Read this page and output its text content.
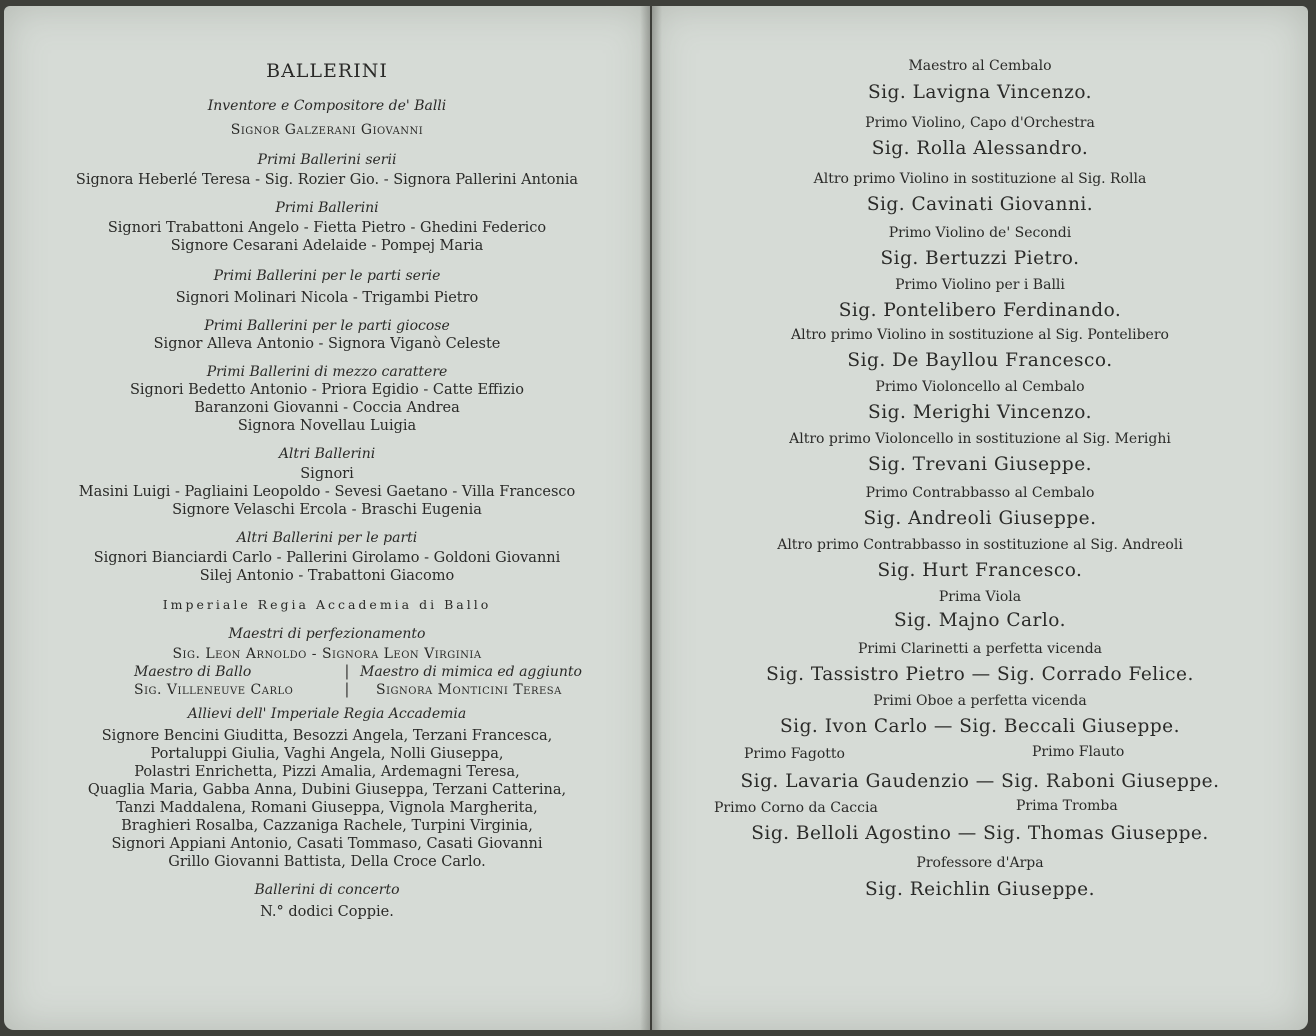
BALLERINI
Inventore e Compositore de' Balli
Signor Galzerani Giovanni
Primi Ballerini serii
Signora Heberlé Teresa - Sig. Rozier Gio. - Signora Pallerini Antonia
Primi Ballerini
Signori Trabattoni Angelo - Fietta Pietro - Ghedini Federico
Signore Cesarani Adelaide - Pompej Maria
Primi Ballerini per le parti serie
Signori Molinari Nicola - Trigambi Pietro
Primi Ballerini per le parti giocose
Signor Alleva Antonio - Signora Viganò Celeste
Primi Ballerini di mezzo carattere
Signori Bedetto Antonio - Priora Egidio - Catte Effizio
Baranzoni Giovanni - Coccia Andrea
Signora Novellau Luigia
Altri Ballerini
Signori
Masini Luigi - Pagliaini Leopoldo - Sevesi Gaetano - Villa Francesco
Signore Velaschi Ercola - Braschi Eugenia
Altri Ballerini per le parti
Signori Bianciardi Carlo - Pallerini Girolamo - Goldoni Giovanni
Silej Antonio - Trabattoni Giacomo
Imperiale Regia Accademia di Ballo
Maestri di perfezionamento
Sig. Leon Arnoldo - Signora Leon Virginia
Maestro di Ballo	Maestro di mimica ed aggiunto
Sig. Villeneuve Carlo	Signora Monticini Teresa
|
|
Allievi dell' Imperiale Regia Accademia
Signore Bencini Giuditta, Besozzi Angela, Terzani Francesca,
Portaluppi Giulia, Vaghi Angela, Nolli Giuseppa,
Polastri Enrichetta, Pizzi Amalia, Ardemagni Teresa,
Quaglia Maria, Gabba Anna, Dubini Giuseppa, Terzani Catterina,
Tanzi Maddalena, Romani Giuseppa, Vignola Margherita,
Braghieri Rosalba, Cazzaniga Rachele, Turpini Virginia,
Signori Appiani Antonio, Casati Tommaso, Casati Giovanni
Grillo Giovanni Battista, Della Croce Carlo.
Ballerini di concerto
N.° dodici Coppie.
Maestro al Cembalo
Sig. Lavigna Vincenzo.
Primo Violino, Capo d'Orchestra
Sig. Rolla Alessandro.
Altro primo Violino in sostituzione al Sig. Rolla
Sig. Cavinati Giovanni.
Primo Violino de' Secondi
Sig. Bertuzzi Pietro.
Primo Violino per i Balli
Sig. Pontelibero Ferdinando.
Altro primo Violino in sostituzione al Sig. Pontelibero
Sig. De Bayllou Francesco.
Primo Violoncello al Cembalo
Sig. Merighi Vincenzo.
Altro primo Violoncello in sostituzione al Sig. Merighi
Sig. Trevani Giuseppe.
Primo Contrabbasso al Cembalo
Sig. Andreoli Giuseppe.
Altro primo Contrabbasso in sostituzione al Sig. Andreoli
Sig. Hurt Francesco.
Prima Viola
Sig. Majno Carlo.
Primi Clarinetti a perfetta vicenda
Sig. Tassistro Pietro — Sig. Corrado Felice.
Primi Oboe a perfetta vicenda
Sig. Ivon Carlo — Sig. Beccali Giuseppe.
Primo Fagotto	Primo Flauto
Sig. Lavaria Gaudenzio — Sig. Raboni Giuseppe.
Primo Corno da Caccia	Prima Tromba
Sig. Belloli Agostino — Sig. Thomas Giuseppe.
Professore d'Arpa
Sig. Reichlin Giuseppe.
